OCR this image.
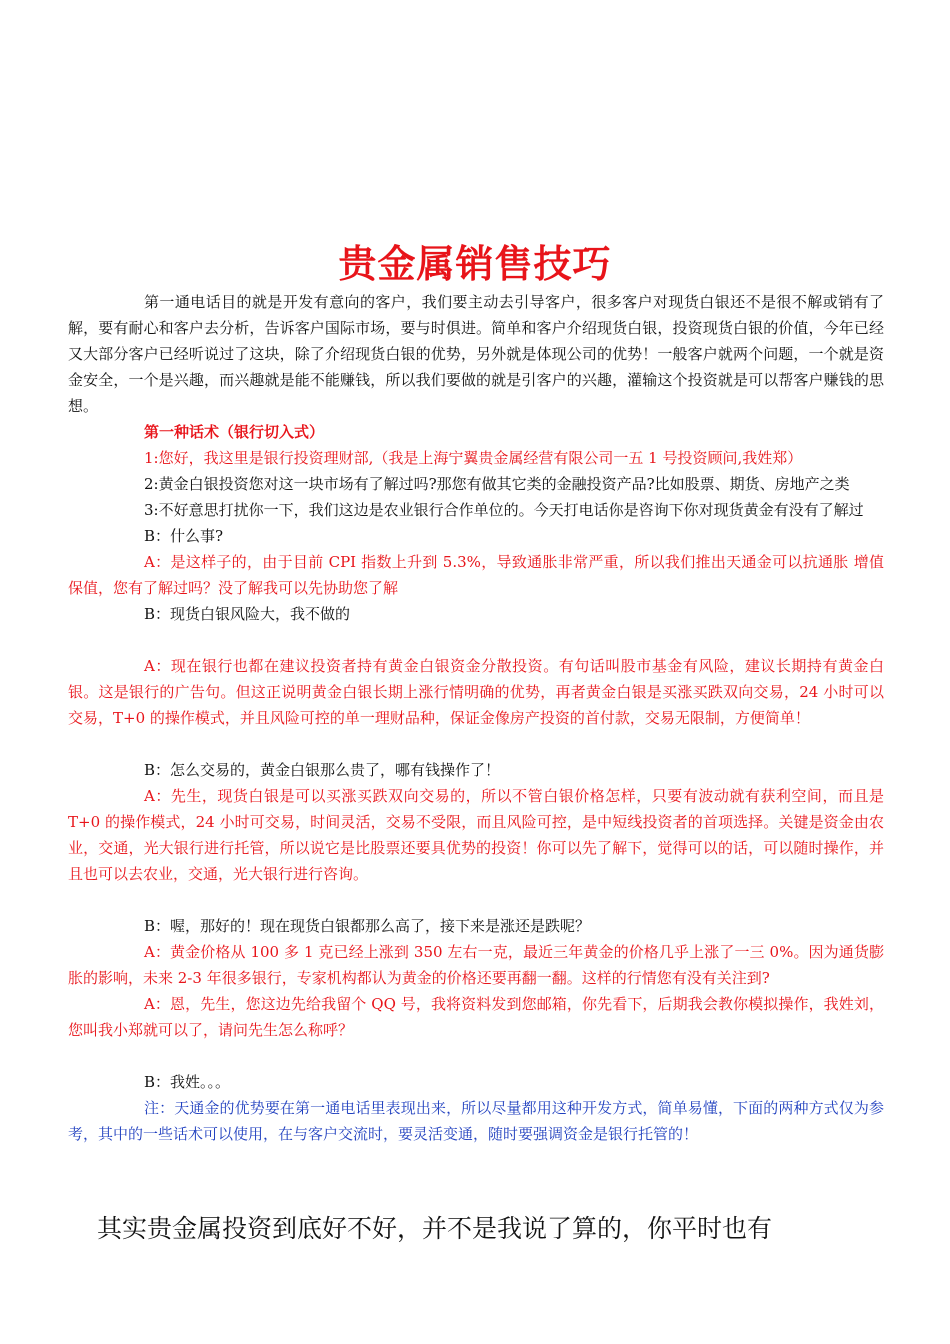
贵金属销售技巧

第一通电话目的就是开发有意向的客户，我们要主动去引导客户，很多客户对现货白银还不是很不解或销有了解，要有耐心和客户去分析，告诉客户国际市场，要与时俱进。简单和客户介绍现货白银，投资现货白银的价值，今年已经又大部分客户已经听说过了这块，除了介绍现货白银的优势，另外就是体现公司的优势！一般客户就两个问题，一个就是资金安全，一个是兴趣，而兴趣就是能不能赚钱，所以我们要做的就是引客户的兴趣，灌输这个投资就是可以帮客户赚钱的思想。

第一种话术（银行切入式）

1:您好，我这里是银行投资理财部,（我是上海宁翼贵金属经营有限公司一五 1 号投资顾问,我姓郑）

2:黄金白银投资您对这一块市场有了解过吗?那您有做其它类的金融投资产品?比如股票、期货、房地产之类

3:不好意思打扰你一下，我们这边是农业银行合作单位的。今天打电话你是咨询下你对现货黄金有没有了解过

B：什么事?

A：是这样子的，由于目前 CPI 指数上升到 5.3%，导致通胀非常严重，所以我们推出天通金可以抗通胀 增值保值，您有了解过吗？没了解我可以先协助您了解

B：现货白银风险大，我不做的

A：现在银行也都在建议投资者持有黄金白银资金分散投资。有句话叫股市基金有风险，建议长期持有黄金白银。这是银行的广告句。但这正说明黄金白银长期上涨行情明确的优势，再者黄金白银是买涨买跌双向交易，24 小时可以交易，T+0 的操作模式，并且风险可控的单一理财品种，保证金像房产投资的首付款，交易无限制，方便简单！

B：怎么交易的，黄金白银那么贵了，哪有钱操作了！

A：先生，现货白银是可以买涨买跌双向交易的，所以不管白银价格怎样，只要有波动就有获利空间，而且是 T+0 的操作模式，24 小时可交易，时间灵活，交易不受限，而且风险可控，是中短线投资者的首项选择。关键是资金由农业，交通，光大银行进行托管，所以说它是比股票还要具优势的投资！你可以先了解下，觉得可以的话，可以随时操作，并且也可以去农业，交通，光大银行进行咨询。

B：喔，那好的！现在现货白银都那么高了，接下来是涨还是跌呢？

A：黄金价格从 100 多 1 克已经上涨到 350 左右一克，最近三年黄金的价格几乎上涨了一三 0%。因为通货膨胀的影响，未来 2-3 年很多银行，专家机构都认为黄金的价格还要再翻一翻。这样的行情您有没有关注到?

A：恩，先生，您这边先给我留个 QQ 号，我将资料发到您邮箱，你先看下，后期我会教你模拟操作，我姓刘，您叫我小郑就可以了，请问先生怎么称呼？

B：我姓。。。

注：天通金的优势要在第一通电话里表现出来，所以尽量都用这种开发方式，简单易懂，下面的两种方式仅为参考，其中的一些话术可以使用，在与客户交流时，要灵活变通，随时要强调资金是银行托管的！

其实贵金属投资到底好不好，并不是我说了算的，你平时也有
